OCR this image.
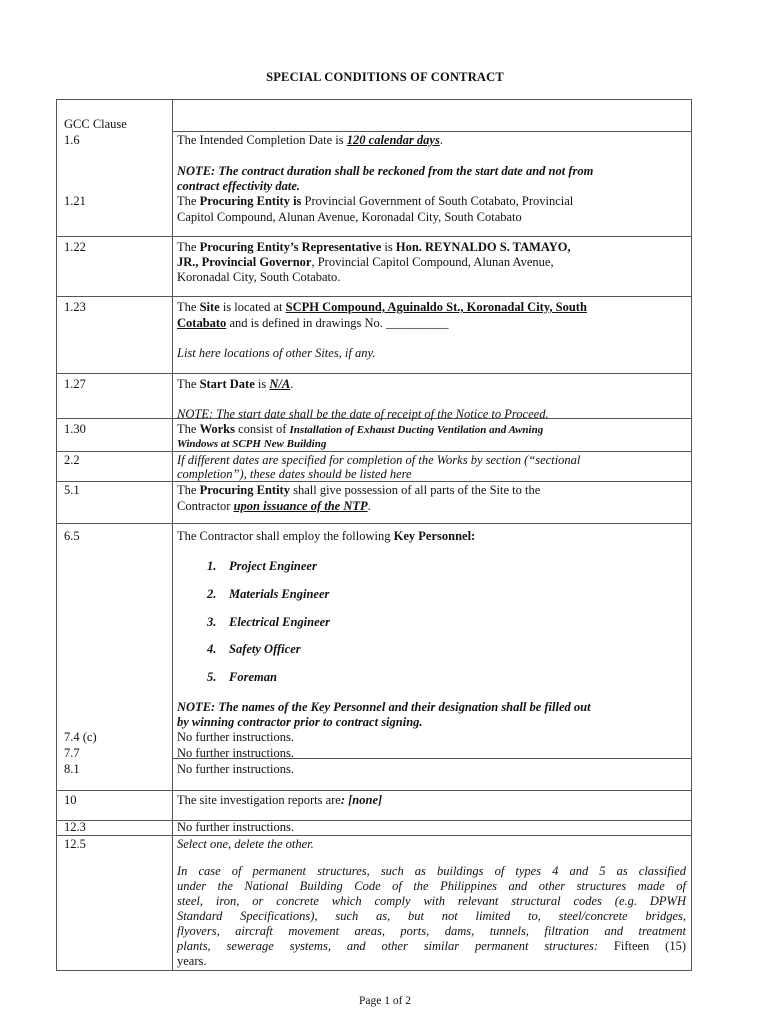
SPECIAL CONDITIONS OF CONTRACT
GCC Clause
1.6	The Intended Completion Date is 120 calendar days.
NOTE: The contract duration shall be reckoned from the start date and not from
contract effectivity date.
1.21	The Procuring Entity is Provincial Government of South Cotabato, Provincial
Capitol Compound, Alunan Avenue, Koronadal City, South Cotabato
1.22	The Procuring Entity’s Representative is Hon. REYNALDO S. TAMAYO,
JR., Provincial Governor, Provincial Capitol Compound, Alunan Avenue,
Koronadal City, South Cotabato.
1.23	The Site is located at SCPH Compound, Aguinaldo St., Koronadal City, South
Cotabato and is defined in drawings No. __________
List here locations of other Sites, if any.
1.27	The Start Date is N/A.
NOTE: The start date shall be the date of receipt of the Notice to Proceed.
1.30	The Works consist of Installation of Exhaust Ducting Ventilation and Awning
Windows at SCPH New Building
2.2	If different dates are specified for completion of the Works by section (“sectional
completion”), these dates should be listed here
5.1	The Procuring Entity shall give possession of all parts of the Site to the
Contractor upon issuance of the NTP.
6.5	The Contractor shall employ the following Key Personnel:
1. Project Engineer
2. Materials Engineer
3. Electrical Engineer
4. Safety Officer
5. Foreman
NOTE: The names of the Key Personnel and their designation shall be filled out
by winning contractor prior to contract signing.
7.4 (c)	No further instructions.
7.7	No further instructions.
8.1	No further instructions.
10	The site investigation reports are: [none]
12.3	No further instructions.
12.5	Select one, delete the other.
In case of permanent structures, such as buildings of types 4 and 5 as classified
under the National Building Code of the Philippines and other structures made of
steel, iron, or concrete which comply with relevant structural codes (e.g. DPWH
Standard Specifications), such as, but not limited to, steel/concrete bridges,
flyovers, aircraft movement areas, ports, dams, tunnels, filtration and treatment
plants, sewerage systems, and other similar permanent structures: Fifteen (15)
years.
Page 1 of 2
